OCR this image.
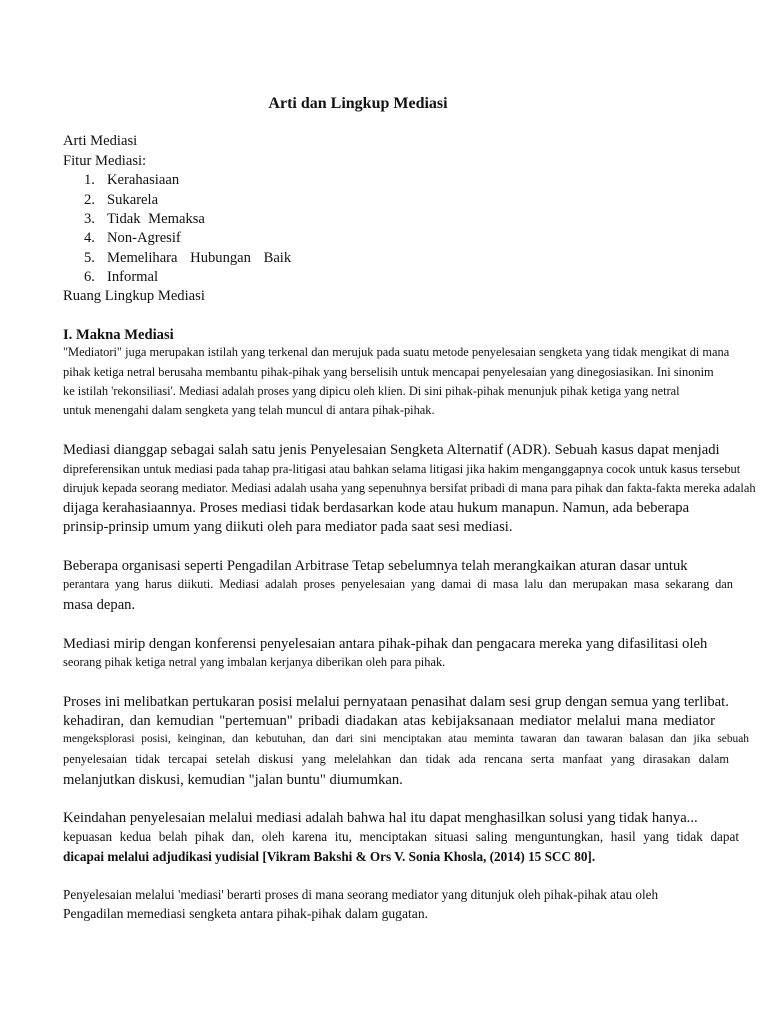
Arti dan Lingkup Mediasi
Arti Mediasi
Fitur Mediasi:
1. Kerahasiaan
2. Sukarela
3. Tidak Memaksa
4. Non-Agresif
5. Memelihara Hubungan Baik
6. Informal
Ruang Lingkup Mediasi
I. Makna Mediasi
"Mediatori" juga merupakan istilah yang terkenal dan merujuk pada suatu metode penyelesaian sengketa yang tidak mengikat di mana
pihak ketiga netral berusaha membantu pihak-pihak yang berselisih untuk mencapai penyelesaian yang dinegosiasikan. Ini sinonim
ke istilah 'rekonsiliasi'. Mediasi adalah proses yang dipicu oleh klien. Di sini pihak-pihak menunjuk pihak ketiga yang netral
untuk menengahi dalam sengketa yang telah muncul di antara pihak-pihak.
Mediasi dianggap sebagai salah satu jenis Penyelesaian Sengketa Alternatif (ADR). Sebuah kasus dapat menjadi
dipreferensikan untuk mediasi pada tahap pra-litigasi atau bahkan selama litigasi jika hakim menganggapnya cocok untuk kasus tersebut
dirujuk kepada seorang mediator. Mediasi adalah usaha yang sepenuhnya bersifat pribadi di mana para pihak dan fakta-fakta mereka adalah
dijaga kerahasiaannya. Proses mediasi tidak berdasarkan kode atau hukum manapun. Namun, ada beberapa
prinsip-prinsip umum yang diikuti oleh para mediator pada saat sesi mediasi.
Beberapa organisasi seperti Pengadilan Arbitrase Tetap sebelumnya telah merangkaikan aturan dasar untuk
perantara yang harus diikuti. Mediasi adalah proses penyelesaian yang damai di masa lalu dan merupakan masa sekarang dan
masa depan.
Mediasi mirip dengan konferensi penyelesaian antara pihak-pihak dan pengacara mereka yang difasilitasi oleh
seorang pihak ketiga netral yang imbalan kerjanya diberikan oleh para pihak.
Proses ini melibatkan pertukaran posisi melalui pernyataan penasihat dalam sesi grup dengan semua yang terlibat.
kehadiran, dan kemudian "pertemuan" pribadi diadakan atas kebijaksanaan mediator melalui mana mediator
mengeksplorasi posisi, keinginan, dan kebutuhan, dan dari sini menciptakan atau meminta tawaran dan tawaran balasan dan jika sebuah
penyelesaian tidak tercapai setelah diskusi yang melelahkan dan tidak ada rencana serta manfaat yang dirasakan dalam
melanjutkan diskusi, kemudian "jalan buntu" diumumkan.
Keindahan penyelesaian melalui mediasi adalah bahwa hal itu dapat menghasilkan solusi yang tidak hanya...
kepuasan kedua belah pihak dan, oleh karena itu, menciptakan situasi saling menguntungkan, hasil yang tidak dapat
dicapai melalui adjudikasi yudisial [Vikram Bakshi & Ors V. Sonia Khosla, (2014) 15 SCC 80].
Penyelesaian melalui 'mediasi' berarti proses di mana seorang mediator yang ditunjuk oleh pihak-pihak atau oleh
Pengadilan memediasi sengketa antara pihak-pihak dalam gugatan.
